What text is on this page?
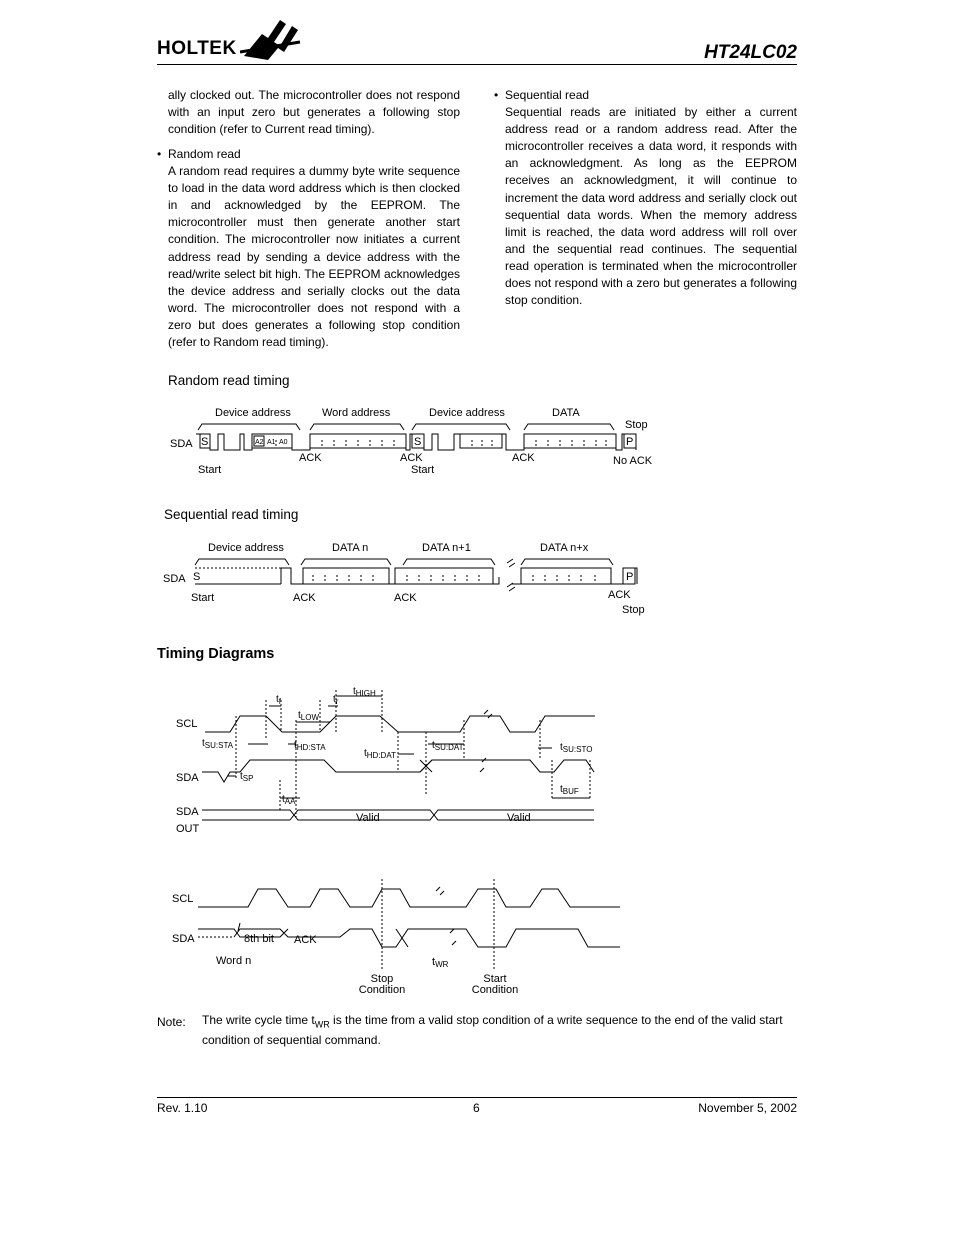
HOLTEK	HT24LC02

ally clocked out. The microcontroller does not respond with an input zero but generates a following stop condition (refer to Current read timing).

• Random read

A random read requires a dummy byte write sequence to load in the data word address which is then clocked in and acknowledged by the EEPROM. The microcontroller must then generate another start condition. The microcontroller now initiates a current address read by sending a device address with the read/write select bit high. The EEPROM acknowledges the device address and serially clocks out the data word. The microcontroller does not respond with a zero but does generates a following stop condition (refer to Random read timing).

• Sequential read

Sequential reads are initiated by either a current address read or a random address read. After the microcontroller receives a data word, it responds with an acknowledgment. As long as the EEPROM receives an acknowledgment, it will continue to increment the data word address and serially clock out sequential data words. When the memory address limit is reached, the data word address will roll over and the sequential read continues. The sequential read operation is terminated when the microcontroller does not respond with a zero but generates a following stop condition.

Random read timing
Device address	Word address	Device address	DATA
Stop
SDA S	S	P
Start
ACK	ACK
Start
ACK	No ACK
A2 A1 A0
Sequential read timing
Device address	DATA n	DATA n+1	DATA n+x
SDA S	P
Start	ACK	ACK	ACK
Stop
Timing Diagrams
SCL
SDA
SDA
OUT
Valid	Valid
$t_f$	$t_r$
$t_{HIGH}$
$t_{LOW}$
$t_{SU:STA}$	$t_{HD:STA}$
$t_{HD:DAT}$
$t_{SU:DAT}$	$t_{SU:STO}$
$t_{SP}$
$t_{AA}$
$t_{BUF}$
SCL
SDA	8th bit ACK
Word n	tWR
Stop
Condition
Start
Condition
Note: The write cycle time $t_{WR}$ is the time from a valid stop condition of a write sequence to the end of the valid start condition of sequential command.
Rev. 1.10	6	November 5, 2002
